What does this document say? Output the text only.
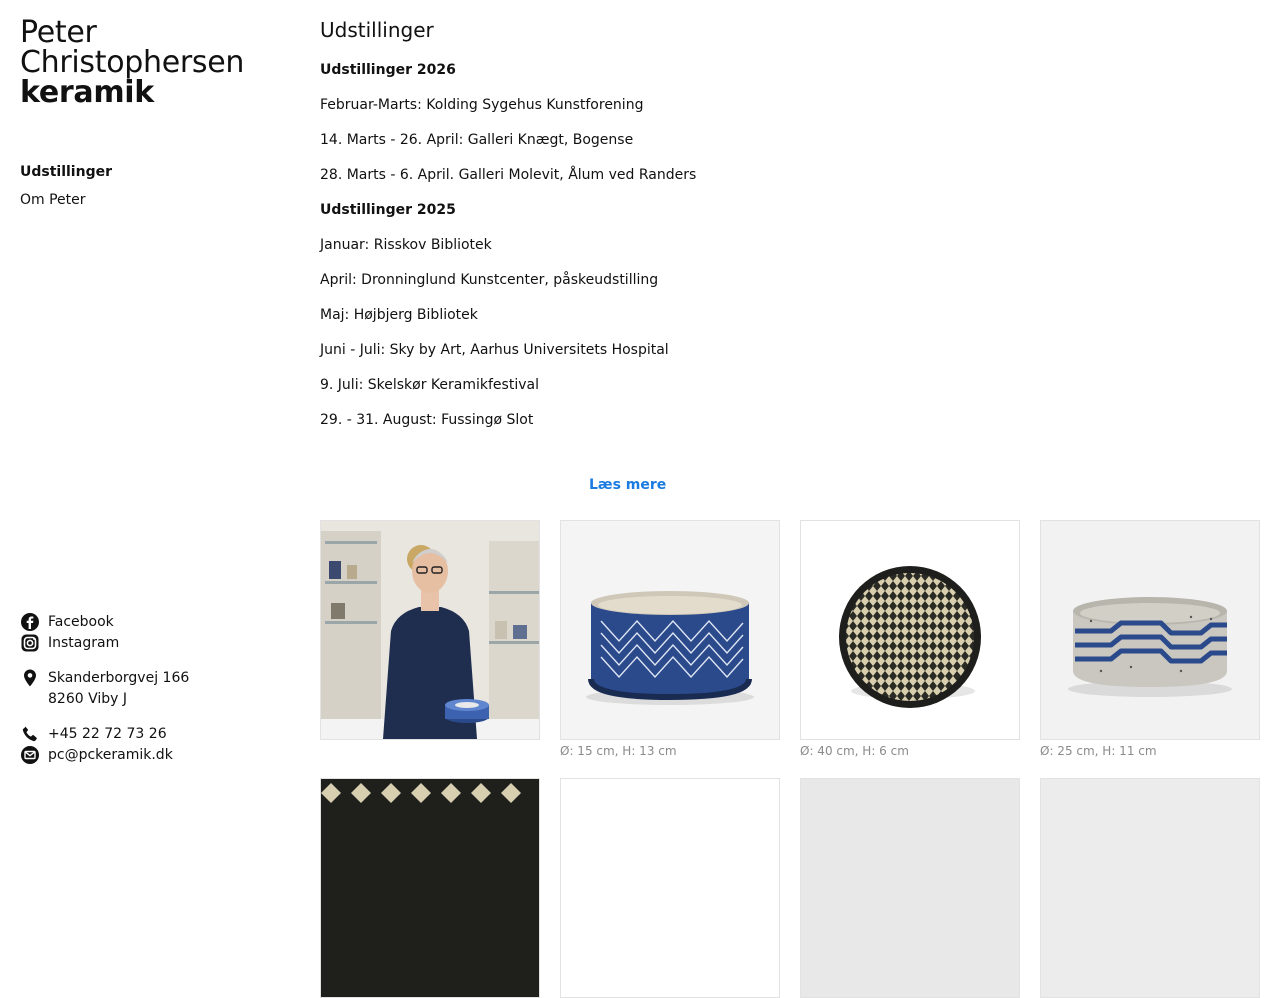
Peter
Christophersen
keramik
Udstillinger
Om Peter
Facebook
Instagram
Skanderborgvej 166
8260 Viby J
+45 22 72 73 26
pc@pckeramik.dk
Udstillinger

Udstillinger 2026

Februar-Marts: Kolding Sygehus Kunstforening

14. Marts - 26. April: Galleri Knægt, Bogense

28. Marts - 6. April. Galleri Molevit, Ålum ved Randers

Udstillinger 2025

Januar: Risskov Bibliotek

April: Dronninglund Kunstcenter, påskeudstilling

Maj: Højbjerg Bibliotek

Juni - Juli: Sky by Art, Aarhus Universitets Hospital

9. Juli: Skelskør Keramikfestival

29. - 31. August: Fussingø Slot

Læs mere
Ø: 15 cm, H: 13 cm	Ø: 40 cm, H: 6 cm	Ø: 25 cm, H: 11 cm
